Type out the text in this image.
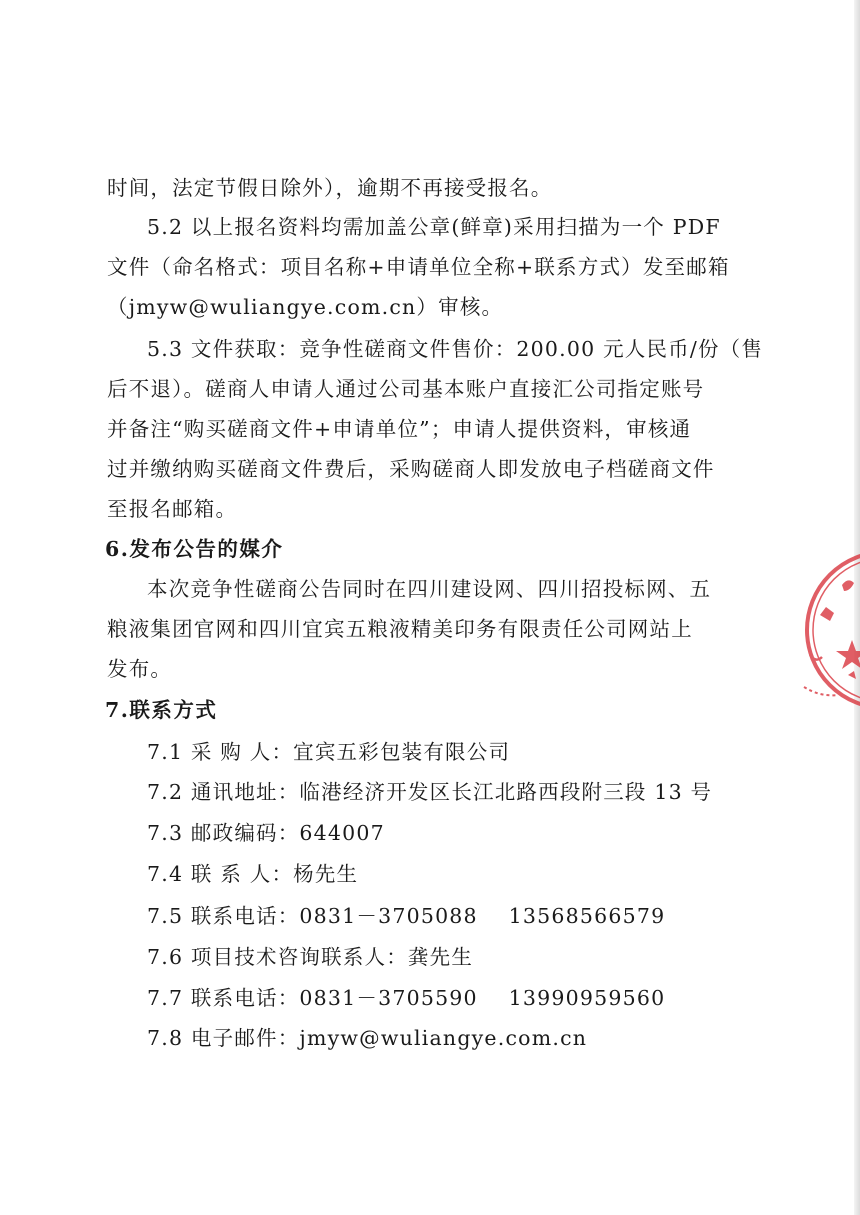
时间，法定节假日除外），逾期不再接受报名。
5.2 以上报名资料均需加盖公章(鲜章)采用扫描为一个 PDF
文件（命名格式：项目名称+申请单位全称+联系方式）发至邮箱
（jmyw@wuliangye.com.cn）审核。
5.3 文件获取：竞争性磋商文件售价：200.00 元人民币/份（售
后不退）。磋商人申请人通过公司基本账户直接汇公司指定账号
并备注“购买磋商文件+申请单位”；申请人提供资料，审核通
过并缴纳购买磋商文件费后，采购磋商人即发放电子档磋商文件
至报名邮箱。
6.发布公告的媒介
本次竞争性磋商公告同时在四川建设网、四川招投标网、五
粮液集团官网和四川宜宾五粮液精美印务有限责任公司网站上
发布。
7.联系方式
7.1 采 购 人：宜宾五彩包装有限公司
7.2 通讯地址：临港经济开发区长江北路西段附三段 13 号
7.3 邮政编码：644007
7.4 联 系 人：杨先生
7.5 联系电话：0831－3705088    13568566579
7.6 项目技术咨询联系人：龚先生
7.7 联系电话：0831－3705590    13990959560
7.8 电子邮件：jmyw@wuliangye.com.cn
